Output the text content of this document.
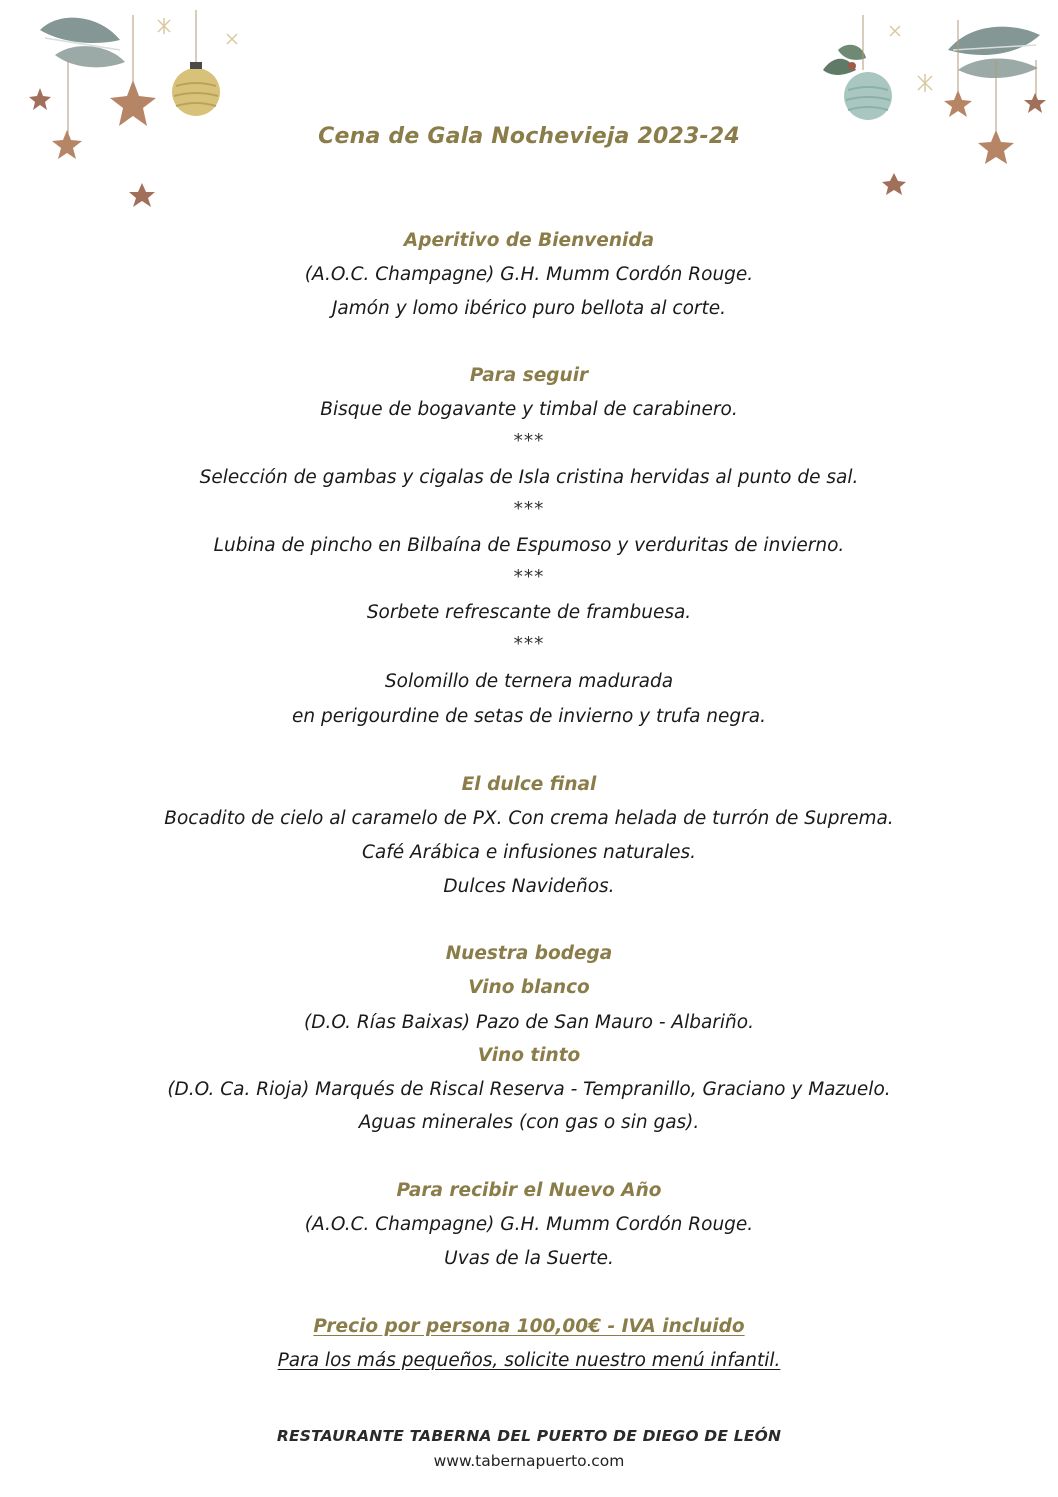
Cena de Gala Nochevieja 2023-24
Aperitivo de Bienvenida
(A.O.C. Champagne) G.H. Mumm Cordón Rouge.
Jamón y lomo ibérico puro bellota al corte.
Para seguir
Bisque de bogavante y timbal de carabinero.
***
Selección de gambas y cigalas de Isla cristina hervidas al punto de sal.
***
Lubina de pincho en Bilbaína de Espumoso y verduritas de invierno.
***
Sorbete refrescante de frambuesa.
***
Solomillo de ternera madurada
en perigourdine de setas de invierno y trufa negra.
El dulce final
Bocadito de cielo al caramelo de PX. Con crema helada de turrón de Suprema.
Café Arábica e infusiones naturales.
Dulces Navideños.
Nuestra bodega
Vino blanco
(D.O. Rías Baixas) Pazo de San Mauro - Albariño.
Vino tinto
(D.O. Ca. Rioja) Marqués de Riscal Reserva - Tempranillo, Graciano y Mazuelo.
Aguas minerales (con gas o sin gas).
Para recibir el Nuevo Año
(A.O.C. Champagne) G.H. Mumm Cordón Rouge.
Uvas de la Suerte.
Precio por persona 100,00€ - IVA incluido
Para los más pequeños, solicite nuestro menú infantil.
RESTAURANTE TABERNA DEL PUERTO DE DIEGO DE LEÓN
www.tabernapuerto.com
